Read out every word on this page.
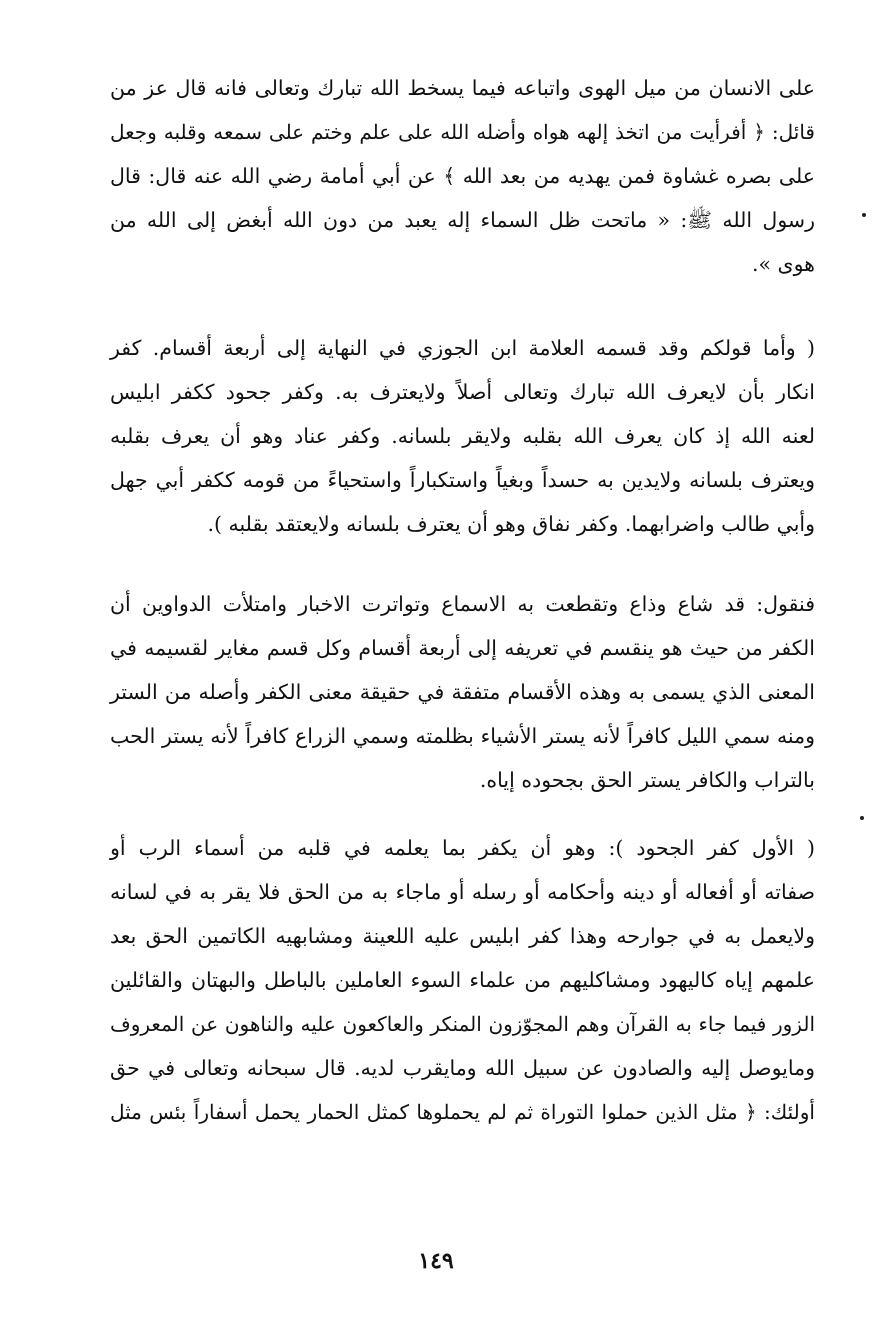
على الانسان من ميل الهوى واتباعه فيما يسخط الله تبارك وتعالى فانه قال عز من
قائل: ﴿ أفرأيت من اتخذ إلهه هواه وأضله الله على علم وختم على سمعه وقلبه وجعل
على بصره غشاوة فمن يهديه من بعد الله ﴾ عن أبي أمامة رضي الله عنه قال: قال
رسول الله ﷺ: « ماتحت ظل السماء إله يعبد من دون الله أبغض إلى الله من
هوى ».
( وأما قولكم وقد قسمه العلامة ابن الجوزي في النهاية إلى أربعة أقسام. كفر
انكار بأن لايعرف الله تبارك وتعالى أصلاً ولايعترف به. وكفر جحود ككفر ابليس
لعنه الله إذ كان يعرف الله بقلبه ولايقر بلسانه. وكفر عناد وهو أن يعرف بقلبه
ويعترف بلسانه ولايدين به حسداً وبغياً واستكباراً واستحياءً من قومه ككفر أبي جهل
وأبي طالب واضرابهما. وكفر نفاق وهو أن يعترف بلسانه ولايعتقد بقلبه ).
فنقول: قد شاع وذاع وتقطعت به الاسماع وتواترت الاخبار وامتلأت الدواوين أن
الكفر من حيث هو ينقسم في تعريفه إلى أربعة أقسام وكل قسم مغاير لقسيمه في
المعنى الذي يسمى به وهذه الأقسام متفقة في حقيقة معنى الكفر وأصله من الستر
ومنه سمي الليل كافراً لأنه يستر الأشياء بظلمته وسمي الزراع كافراً لأنه يستر الحب
بالتراب والكافر يستر الحق بجحوده إياه.
( الأول كفر الجحود ): وهو أن يكفر بما يعلمه في قلبه من أسماء الرب أو
صفاته أو أفعاله أو دينه وأحكامه أو رسله أو ماجاء به من الحق فلا يقر به في لسانه
ولايعمل به في جوارحه وهذا كفر ابليس عليه اللعينة ومشابهيه الكاتمين الحق بعد
علمهم إياه كاليهود ومشاكليهم من علماء السوء العاملين بالباطل والبهتان والقائلين
الزور فيما جاء به القرآن وهم المجوّزون المنكر والعاكعون عليه والناهون عن المعروف
ومايوصل إليه والصادون عن سبيل الله ومايقرب لديه. قال سبحانه وتعالى في حق
أولئك: ﴿ مثل الذين حملوا التوراة ثم لم يحملوها كمثل الحمار يحمل أسفاراً بئس مثل
١٤٩
